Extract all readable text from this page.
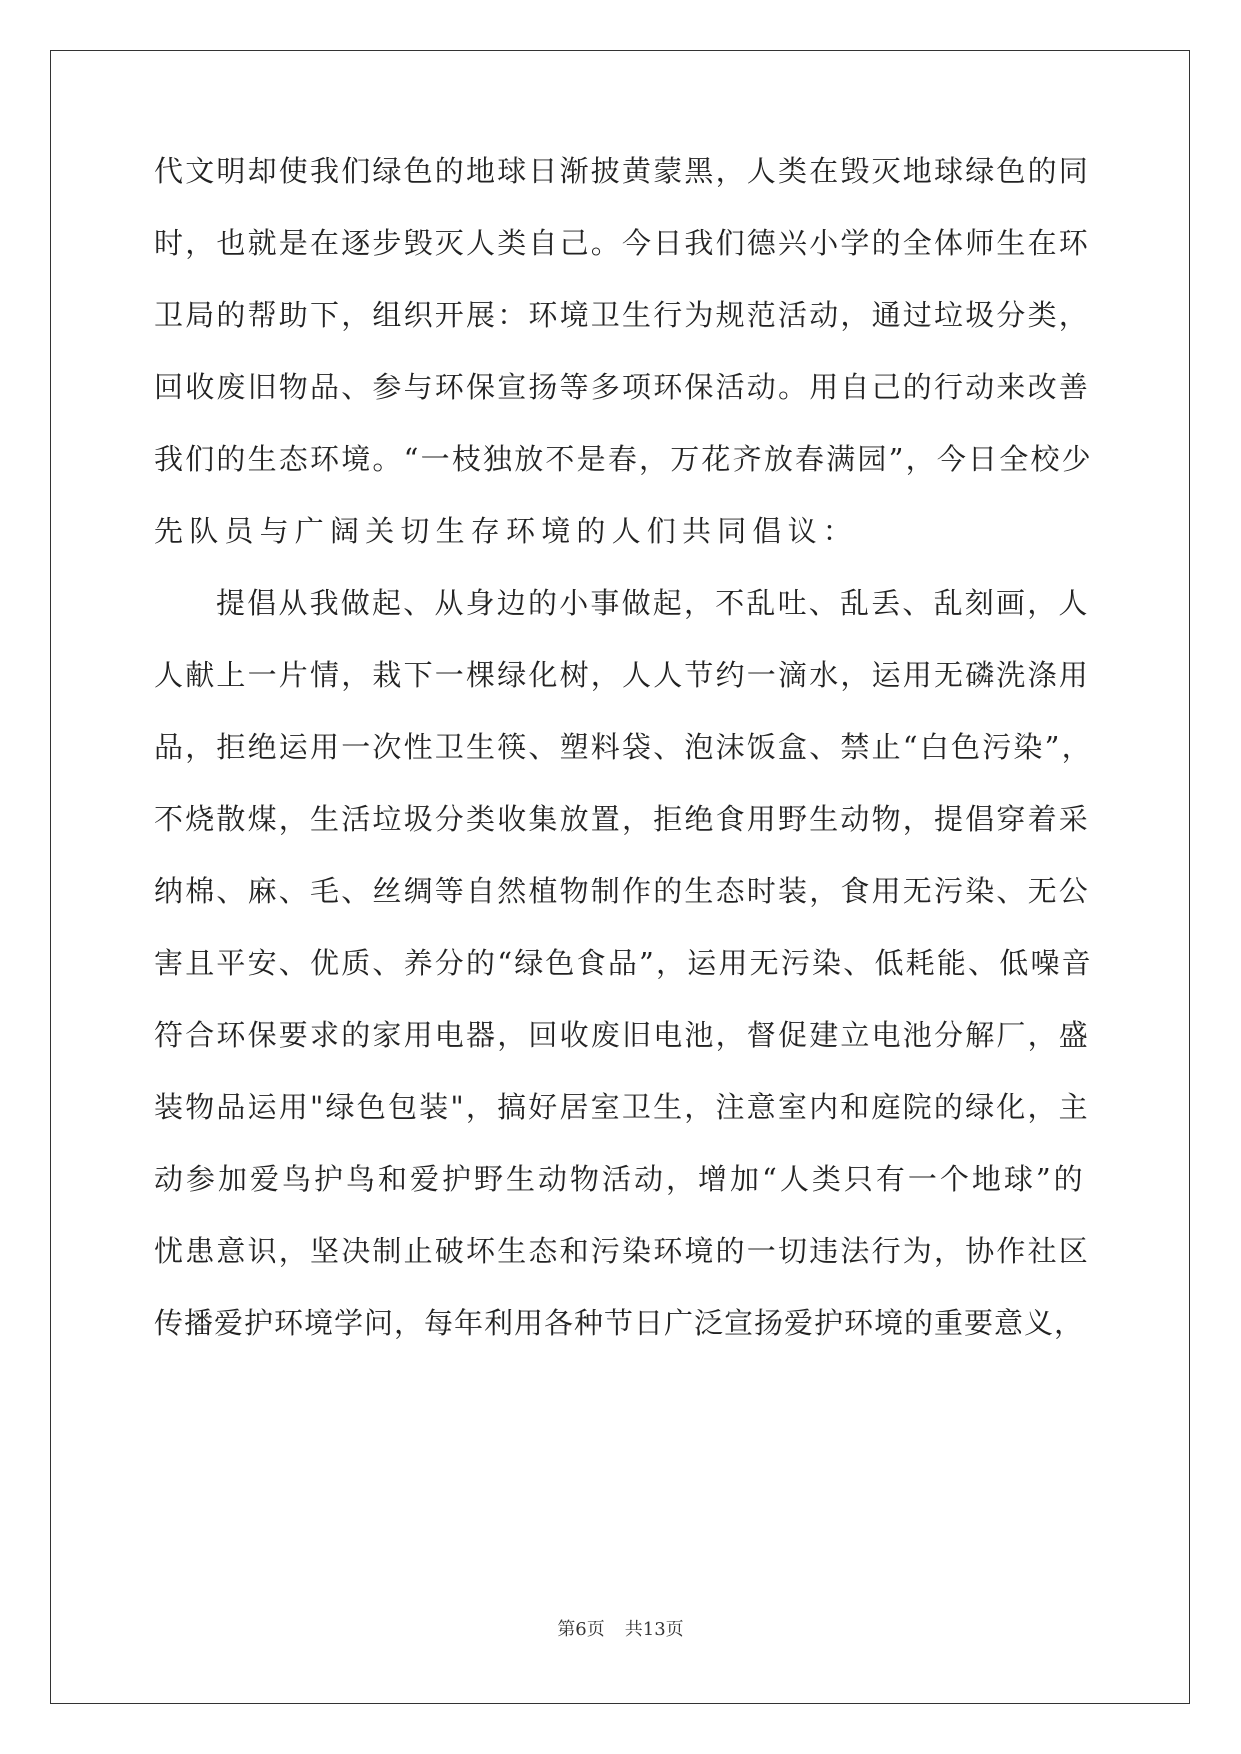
代文明却使我们绿色的地球日渐披黄蒙黑，人类在毁灭地球绿色的同
时，也就是在逐步毁灭人类自己。今日我们德兴小学的全体师生在环
卫局的帮助下，组织开展：环境卫生行为规范活动，通过垃圾分类，
回收废旧物品、参与环保宣扬等多项环保活动。用自己的行动来改善
我们的生态环境。“一枝独放不是春，万花齐放春满园”，今日全校少
先队员与广阔关切生存环境的人们共同倡议：
提倡从我做起、从身边的小事做起，不乱吐、乱丢、乱刻画，人
人献上一片情，栽下一棵绿化树，人人节约一滴水，运用无磷洗涤用
品，拒绝运用一次性卫生筷、塑料袋、泡沫饭盒、禁止“白色污染”，
不烧散煤，生活垃圾分类收集放置，拒绝食用野生动物，提倡穿着采
纳棉、麻、毛、丝绸等自然植物制作的生态时装，食用无污染、无公
害且平安、优质、养分的“绿色食品”，运用无污染、低耗能、低噪音
符合环保要求的家用电器，回收废旧电池，督促建立电池分解厂，盛
装物品运用"绿色包装"，搞好居室卫生，注意室内和庭院的绿化，主
动参加爱鸟护鸟和爱护野生动物活动，增加“人类只有一个地球”的
忧患意识，坚决制止破坏生态和污染环境的一切违法行为，协作社区
传播爱护环境学问，每年利用各种节日广泛宣扬爱护环境的重要意义，
第6页 共13页
